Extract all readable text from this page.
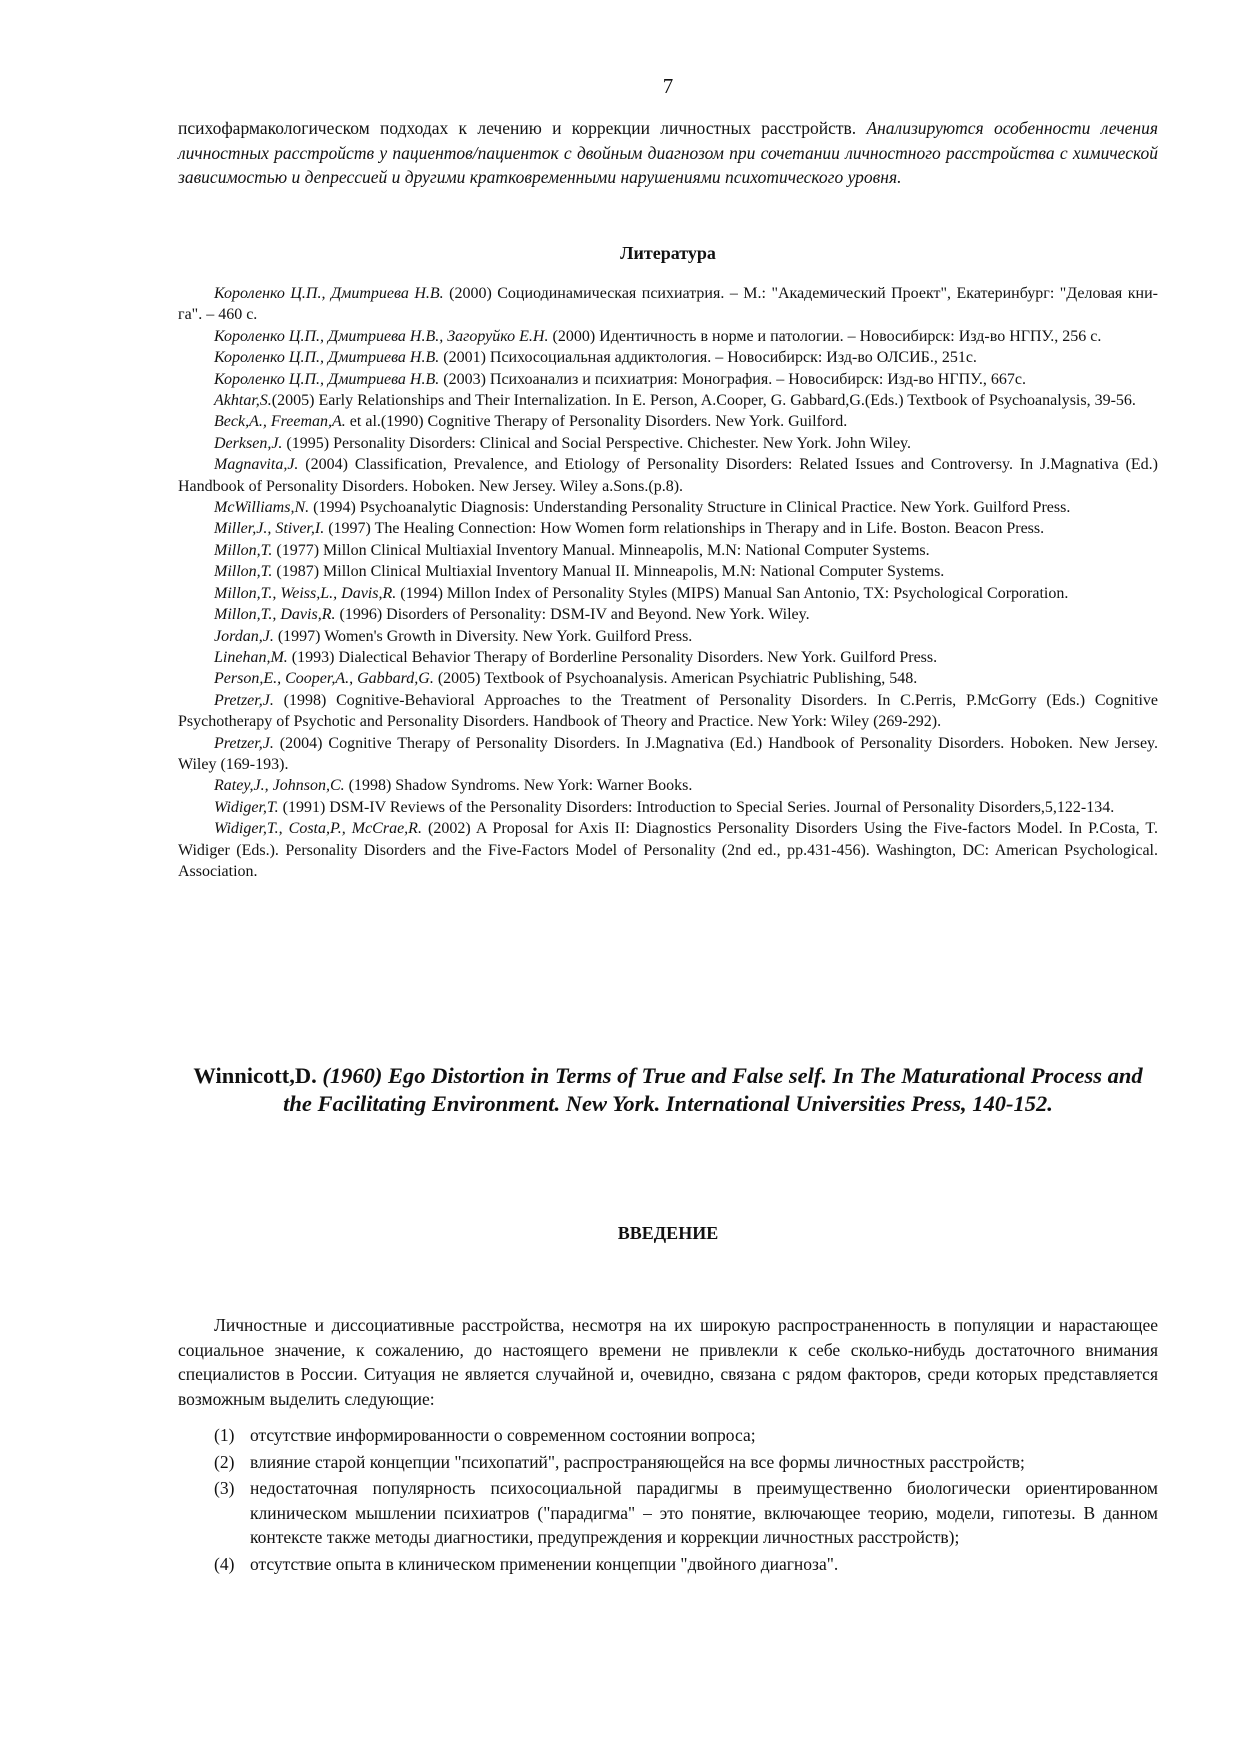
7

психофармакологическом подходах к лечению и коррекции личностных расстройств. Анализируются особенности лечения личностных расстройств у пациентов/пациенток с двойным диагнозом при сочетании личностного расстройства с химической зависимостью и депрессией и другими кратковременными нарушениями психотического уровня.

Литература

Короленко Ц.П., Дмитриева Н.В. (2000) Социодинамическая психиатрия. – М.: "Академический Проект", Екатеринбург: "Деловая кни-га". – 460 с.

Короленко Ц.П., Дмитриева Н.В., Загоруйко Е.Н. (2000) Идентичность в норме и патологии. – Новосибирск: Изд-во НГПУ., 256 с.

Короленко Ц.П., Дмитриева Н.В. (2001) Психосоциальная аддиктология. – Новосибирск: Изд-во ОЛСИБ., 251с.

Короленко Ц.П., Дмитриева Н.В. (2003) Психоанализ и психиатрия: Монография. – Новосибирск: Изд-во НГПУ., 667с.

Akhtar,S.(2005) Early Relationships and Their Internalization. In E. Person, A.Cooper, G. Gabbard,G.(Eds.) Textbook of Psychoanalysis, 39-56.

Beck,A., Freeman,A. et al.(1990) Cognitive Therapy of Personality Disorders. New York. Guilford.

Derksen,J. (1995) Personality Disorders: Clinical and Social Perspective. Chichester. New York. John Wiley.

Magnavita,J. (2004) Classification, Prevalence, and Etiology of Personality Disorders: Related Issues and Controversy. In J.Magnativa (Ed.) Handbook of Personality Disorders. Hoboken. New Jersey. Wiley a.Sons.(p.8).

McWilliams,N. (1994) Psychoanalytic Diagnosis: Understanding Personality Structure in Clinical Practice. New York. Guilford Press.

Miller,J., Stiver,I. (1997) The Healing Connection: How Women form relationships in Therapy and in Life. Boston. Beacon Press.

Millon,T. (1977) Millon Clinical Multiaxial Inventory Manual. Minneapolis, M.N: National Computer Systems.

Millon,T. (1987) Millon Clinical Multiaxial Inventory Manual II. Minneapolis, M.N: National Computer Systems.

Millon,T., Weiss,L., Davis,R. (1994) Millon Index of Personality Styles (MIPS) Manual San Antonio, TX: Psychological Corporation.

Millon,T., Davis,R. (1996) Disorders of Personality: DSM-IV and Beyond. New York. Wiley.

Jordan,J. (1997) Women's Growth in Diversity. New York. Guilford Press.

Linehan,M. (1993) Dialectical Behavior Therapy of Borderline Personality Disorders. New York. Guilford Press.

Person,E., Cooper,A., Gabbard,G. (2005) Textbook of Psychoanalysis. American Psychiatric Publishing, 548.

Pretzer,J. (1998) Cognitive-Behavioral Approaches to the Treatment of Personality Disorders. In C.Perris, P.McGorry (Eds.) Cognitive Psychotherapy of Psychotic and Personality Disorders. Handbook of Theory and Practice. New York: Wiley (269-292).

Pretzer,J. (2004) Cognitive Therapy of Personality Disorders. In J.Magnativa (Ed.) Handbook of Personality Disorders. Hoboken. New Jersey. Wiley (169-193).

Ratey,J., Johnson,C. (1998) Shadow Syndroms. New York: Warner Books.

Widiger,T. (1991) DSM-IV Reviews of the Personality Disorders: Introduction to Special Series. Journal of Personality Disorders,5,122-134.

Widiger,T., Costa,P., McCrae,R. (2002) A Proposal for Axis II: Diagnostics Personality Disorders Using the Five-factors Model. In P.Costa, T. Widiger (Eds.). Personality Disorders and the Five-Factors Model of Personality (2nd ed., pp.431-456). Washington, DC: American Psychological. Association.

Winnicott,D. (1960) Ego Distortion in Terms of True and False self. In The Maturational Process and the Facilitating Environment. New York. International Universities Press, 140-152.
ВВЕДЕНИЕ

Личностные и диссоциативные расстройства, несмотря на их широкую распространенность в популяции и нарастающее социальное значение, к сожалению, до настоящего времени не привлекли к себе сколько-нибудь достаточного внимания специалистов в России. Ситуация не является случайной и, очевидно, связана с рядом факторов, среди которых представляется возможным выделить следующие:

(1) отсутствие информированности о современном состоянии вопроса;
(2) влияние старой концепции "психопатий", распространяющейся на все формы личностных расстройств;
(3) недостаточная популярность психосоциальной парадигмы в преимущественно биологически ориентированном клиническом мышлении психиатров ("парадигма" – это понятие, включающее теорию, модели, гипотезы. В данном контексте также методы диагностики, предупреждения и коррекции личностных расстройств);
(4) отсутствие опыта в клиническом применении концепции "двойного диагноза".
